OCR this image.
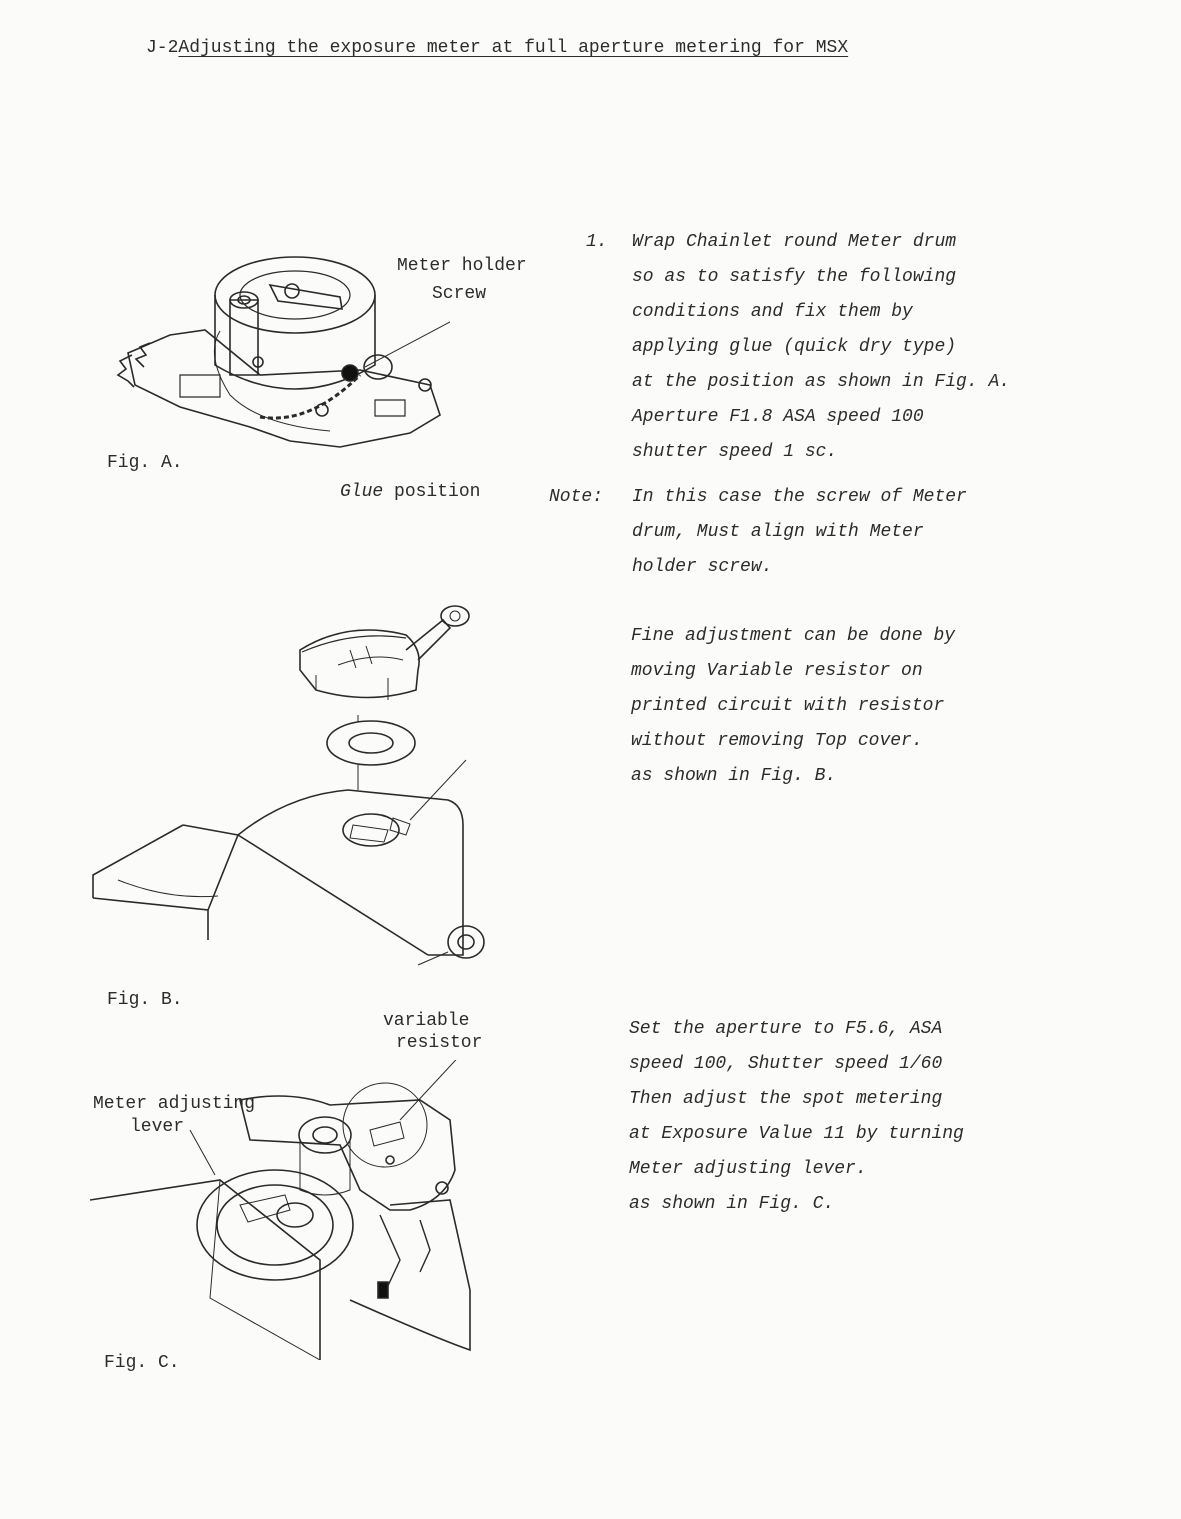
J-2Adjusting the exposure meter at full aperture metering for MSX
Meter holder
Screw
Fig. A.
Glue position
Fig. B.
variable
resistor
Meter adjusting
lever
Fig. C.
1. Wrap Chainlet round Meter drum
so as to satisfy the following
conditions and fix them by
applying glue (quick dry type)
at the position as shown in Fig. A.
Aperture F1.8 ASA speed 100
shutter speed 1 sc.
Note: In this case the screw of Meter
drum, Must align with Meter
holder screw.
Fine adjustment can be done by
moving Variable resistor on
printed circuit with resistor
without removing Top cover.
as shown in Fig. B.
Set the aperture to F5.6, ASA
speed 100, Shutter speed 1/60
Then adjust the spot metering
at Exposure Value 11 by turning
Meter adjusting lever.
as shown in Fig. C.
